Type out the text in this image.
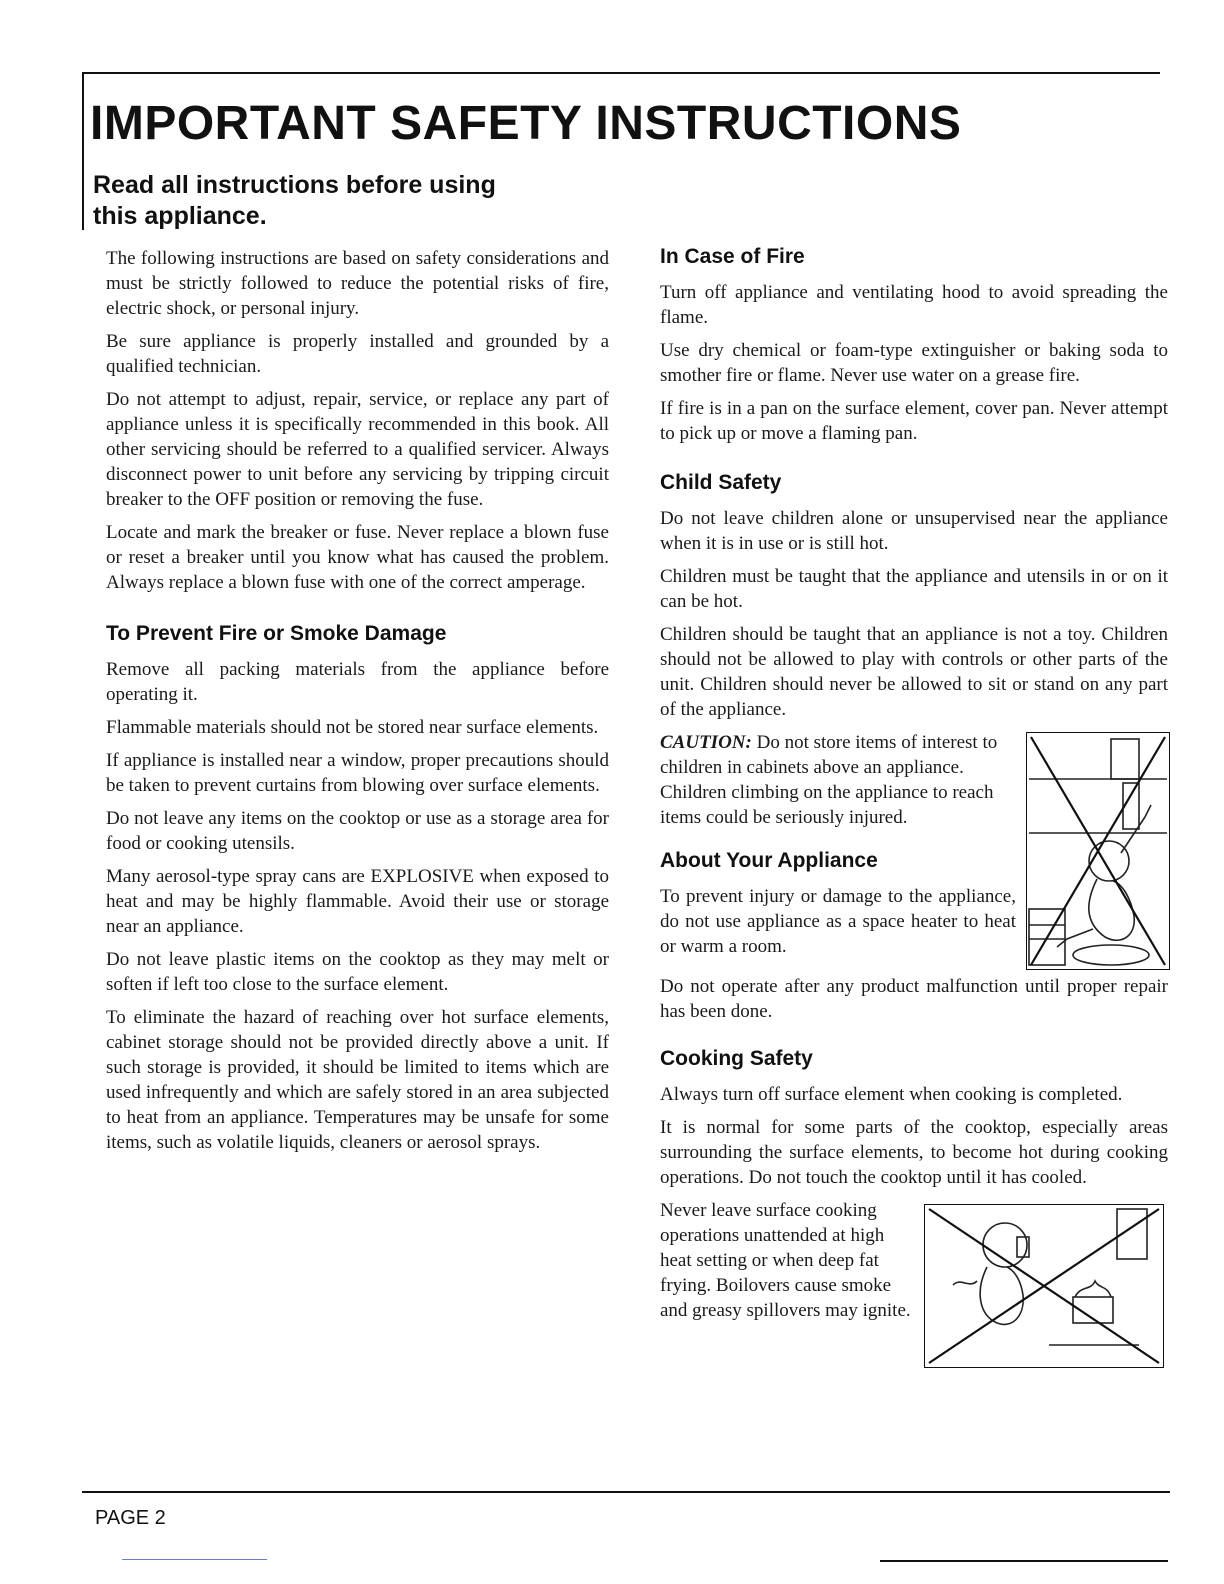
IMPORTANT SAFETY INSTRUCTIONS
Read all instructions before using
this appliance.

The following instructions are based on safety considerations and must be strictly followed to reduce the potential risks of fire, electric shock, or personal injury.

Be sure appliance is properly installed and grounded by a qualified technician.

Do not attempt to adjust, repair, service, or replace any part of appliance unless it is specifically recommended in this book. All other servicing should be referred to a qualified servicer. Always disconnect power to unit before any servicing by tripping circuit breaker to the OFF position or removing the fuse.

Locate and mark the breaker or fuse. Never replace a blown fuse or reset a breaker until you know what has caused the problem. Always replace a blown fuse with one of the correct amperage.

To Prevent Fire or Smoke Damage

Remove all packing materials from the appliance before operating it.

Flammable materials should not be stored near surface elements.

If appliance is installed near a window, proper precautions should be taken to prevent curtains from blowing over surface elements.

Do not leave any items on the cooktop or use as a storage area for food or cooking utensils.

Many aerosol-type spray cans are EXPLOSIVE when exposed to heat and may be highly flammable. Avoid their use or storage near an appliance.

Do not leave plastic items on the cooktop as they may melt or soften if left too close to the surface element.

To eliminate the hazard of reaching over hot surface elements, cabinet storage should not be provided directly above a unit. If such storage is provided, it should be limited to items which are used infrequently and which are safely stored in an area subjected to heat from an appliance. Temperatures may be unsafe for some items, such as volatile liquids, cleaners or aerosol sprays.

In Case of Fire

Turn off appliance and ventilating hood to avoid spreading the flame.

Use dry chemical or foam-type extinguisher or baking soda to smother fire or flame. Never use water on a grease fire.

If fire is in a pan on the surface element, cover pan. Never attempt to pick up or move a flaming pan.

Child Safety

Do not leave children alone or unsupervised near the appliance when it is in use or is still hot.

Children must be taught that the appliance and utensils in or on it can be hot.

Children should be taught that an appliance is not a toy. Children should not be allowed to play with controls or other parts of the unit. Children should never be allowed to sit or stand on any part of the appliance.

CAUTION: Do not store items of interest to children in cabinets above an appliance. Children climbing on the appliance to reach items could be seriously injured.

About Your Appliance

To prevent injury or damage to the appliance, do not use appliance as a space heater to heat or warm a room.

Do not operate after any product malfunction until proper repair has been done.

Cooking Safety

Always turn off surface element when cooking is completed.

It is normal for some parts of the cooktop, especially areas surrounding the surface elements, to become hot during cooking operations. Do not touch the cooktop until it has cooled.

Never leave surface cooking operations unattended at high heat setting or when deep fat frying. Boilovers cause smoke and greasy spillovers may ignite.

PAGE 2
